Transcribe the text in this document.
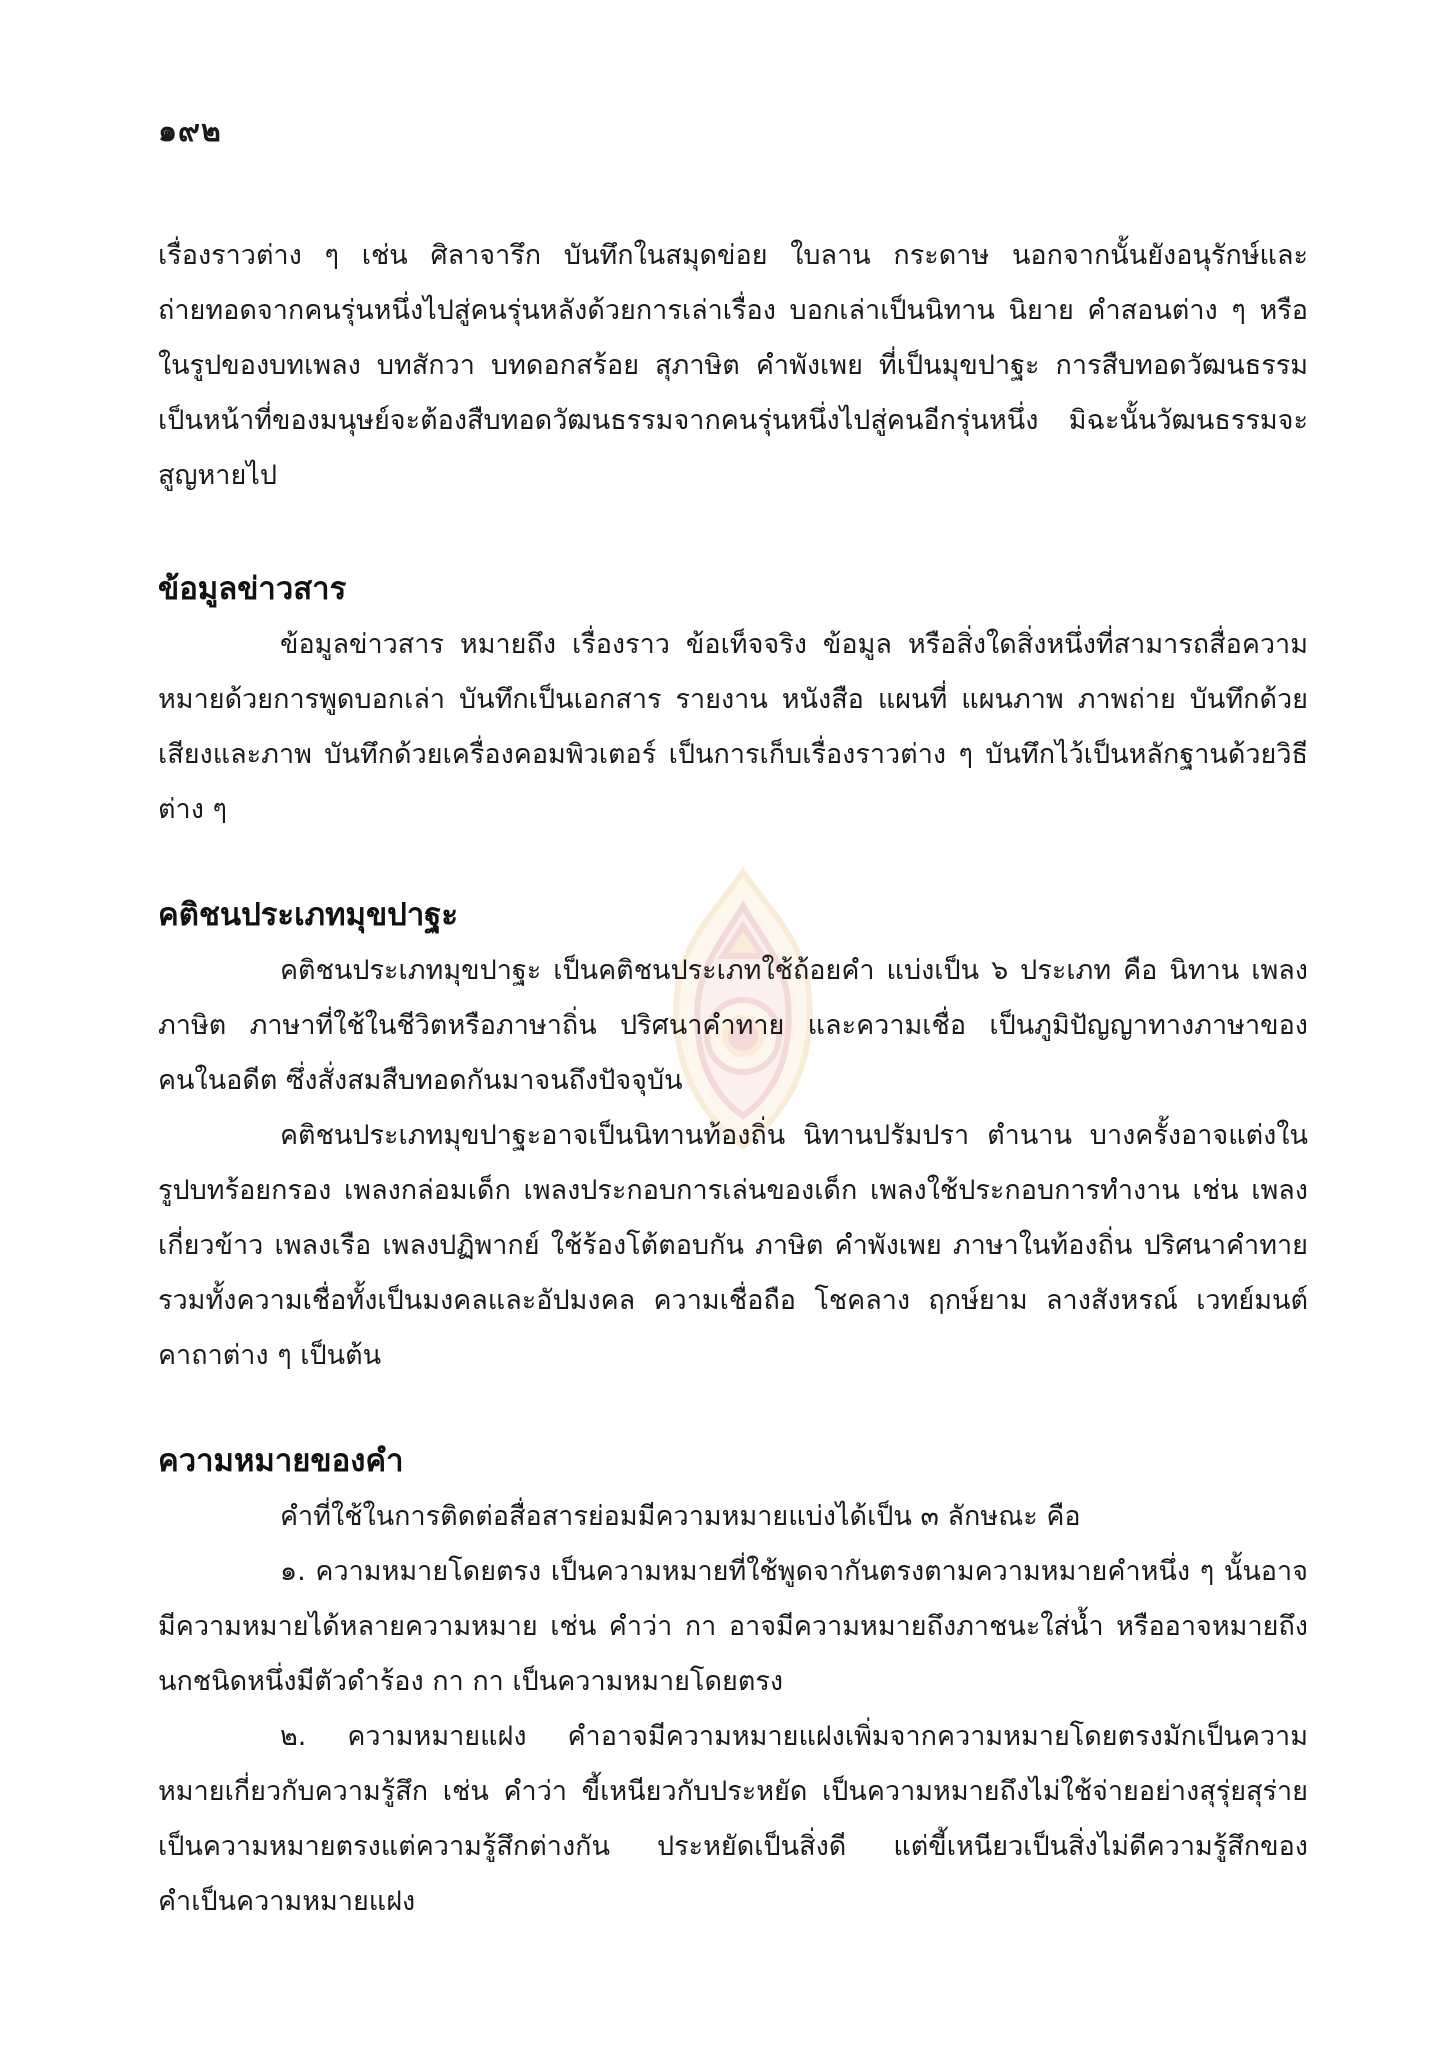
๑๙๒

เรื่องราวต่าง ๆ เช่น ศิลาจารึก บันทึกในสมุดข่อย ใบลาน กระดาษ นอกจากนั้นยังอนุรักษ์และถ่ายทอดจากคนรุ่นหนึ่งไปสู่คนรุ่นหลังด้วยการเล่าเรื่อง บอกเล่าเป็นนิทาน นิยาย คำสอนต่าง ๆ หรือในรูปของบทเพลง บทสักวา บทดอกสร้อย สุภาษิต คำพังเพย ที่เป็นมุขปาฐะ การสืบทอดวัฒนธรรมเป็นหน้าที่ของมนุษย์จะต้องสืบทอดวัฒนธรรมจากคนรุ่นหนึ่งไปสู่คนอีกรุ่นหนึ่ง มิฉะนั้นวัฒนธรรมจะสูญหายไป

ข้อมูลข่าวสาร

ข้อมูลข่าวสาร หมายถึง เรื่องราว ข้อเท็จจริง ข้อมูล หรือสิ่งใดสิ่งหนึ่งที่สามารถสื่อความหมายด้วยการพูดบอกเล่า บันทึกเป็นเอกสาร รายงาน หนังสือ แผนที่ แผนภาพ ภาพถ่าย บันทึกด้วยเสียงและภาพ บันทึกด้วยเครื่องคอมพิวเตอร์ เป็นการเก็บเรื่องราวต่าง ๆ บันทึกไว้เป็นหลักฐานด้วยวิธีต่าง ๆ

คติชนประเภทมุขปาฐะ

คติชนประเภทมุขปาฐะ เป็นคติชนประเภทใช้ถ้อยคำ แบ่งเป็น ๖ ประเภท คือ นิทาน เพลง ภาษิต ภาษาที่ใช้ในชีวิตหรือภาษาถิ่น ปริศนาคำทาย และความเชื่อ เป็นภูมิปัญญาทางภาษาของคนในอดีต ซึ่งสั่งสมสืบทอดกันมาจนถึงปัจจุบัน

คติชนประเภทมุขปาฐะอาจเป็นนิทานท้องถิ่น นิทานปรัมปรา ตำนาน บางครั้งอาจแต่งในรูปบทร้อยกรอง เพลงกล่อมเด็ก เพลงประกอบการเล่นของเด็ก เพลงใช้ประกอบการทำงาน เช่น เพลงเกี่ยวข้าว เพลงเรือ เพลงปฏิพากย์ ใช้ร้องโต้ตอบกัน ภาษิต คำพังเพย ภาษาในท้องถิ่น ปริศนาคำทาย รวมทั้งความเชื่อทั้งเป็นมงคลและอัปมงคล ความเชื่อถือ โชคลาง ฤกษ์ยาม ลางสังหรณ์ เวทย์มนต์คาถาต่าง ๆ เป็นต้น

ความหมายของคำ

คำที่ใช้ในการติดต่อสื่อสารย่อมมีความหมายแบ่งได้เป็น ๓ ลักษณะ คือ

๑. ความหมายโดยตรง เป็นความหมายที่ใช้พูดจากันตรงตามความหมายคำหนึ่ง ๆ นั้นอาจมีความหมายได้หลายความหมาย เช่น คำว่า กา อาจมีความหมายถึงภาชนะใส่น้ำ หรืออาจหมายถึงนกชนิดหนึ่งมีตัวดำร้อง กา กา เป็นความหมายโดยตรง

๒. ความหมายแฝง คำอาจมีความหมายแฝงเพิ่มจากความหมายโดยตรงมักเป็นความหมายเกี่ยวกับความรู้สึก เช่น คำว่า ขี้เหนียวกับประหยัด เป็นความหมายถึงไม่ใช้จ่ายอย่างสุรุ่ยสุร่าย เป็นความหมายตรงแต่ความรู้สึกต่างกัน ประหยัดเป็นสิ่งดี แต่ขี้เหนียวเป็นสิ่งไม่ดีความรู้สึกของคำเป็นความหมายแฝง
